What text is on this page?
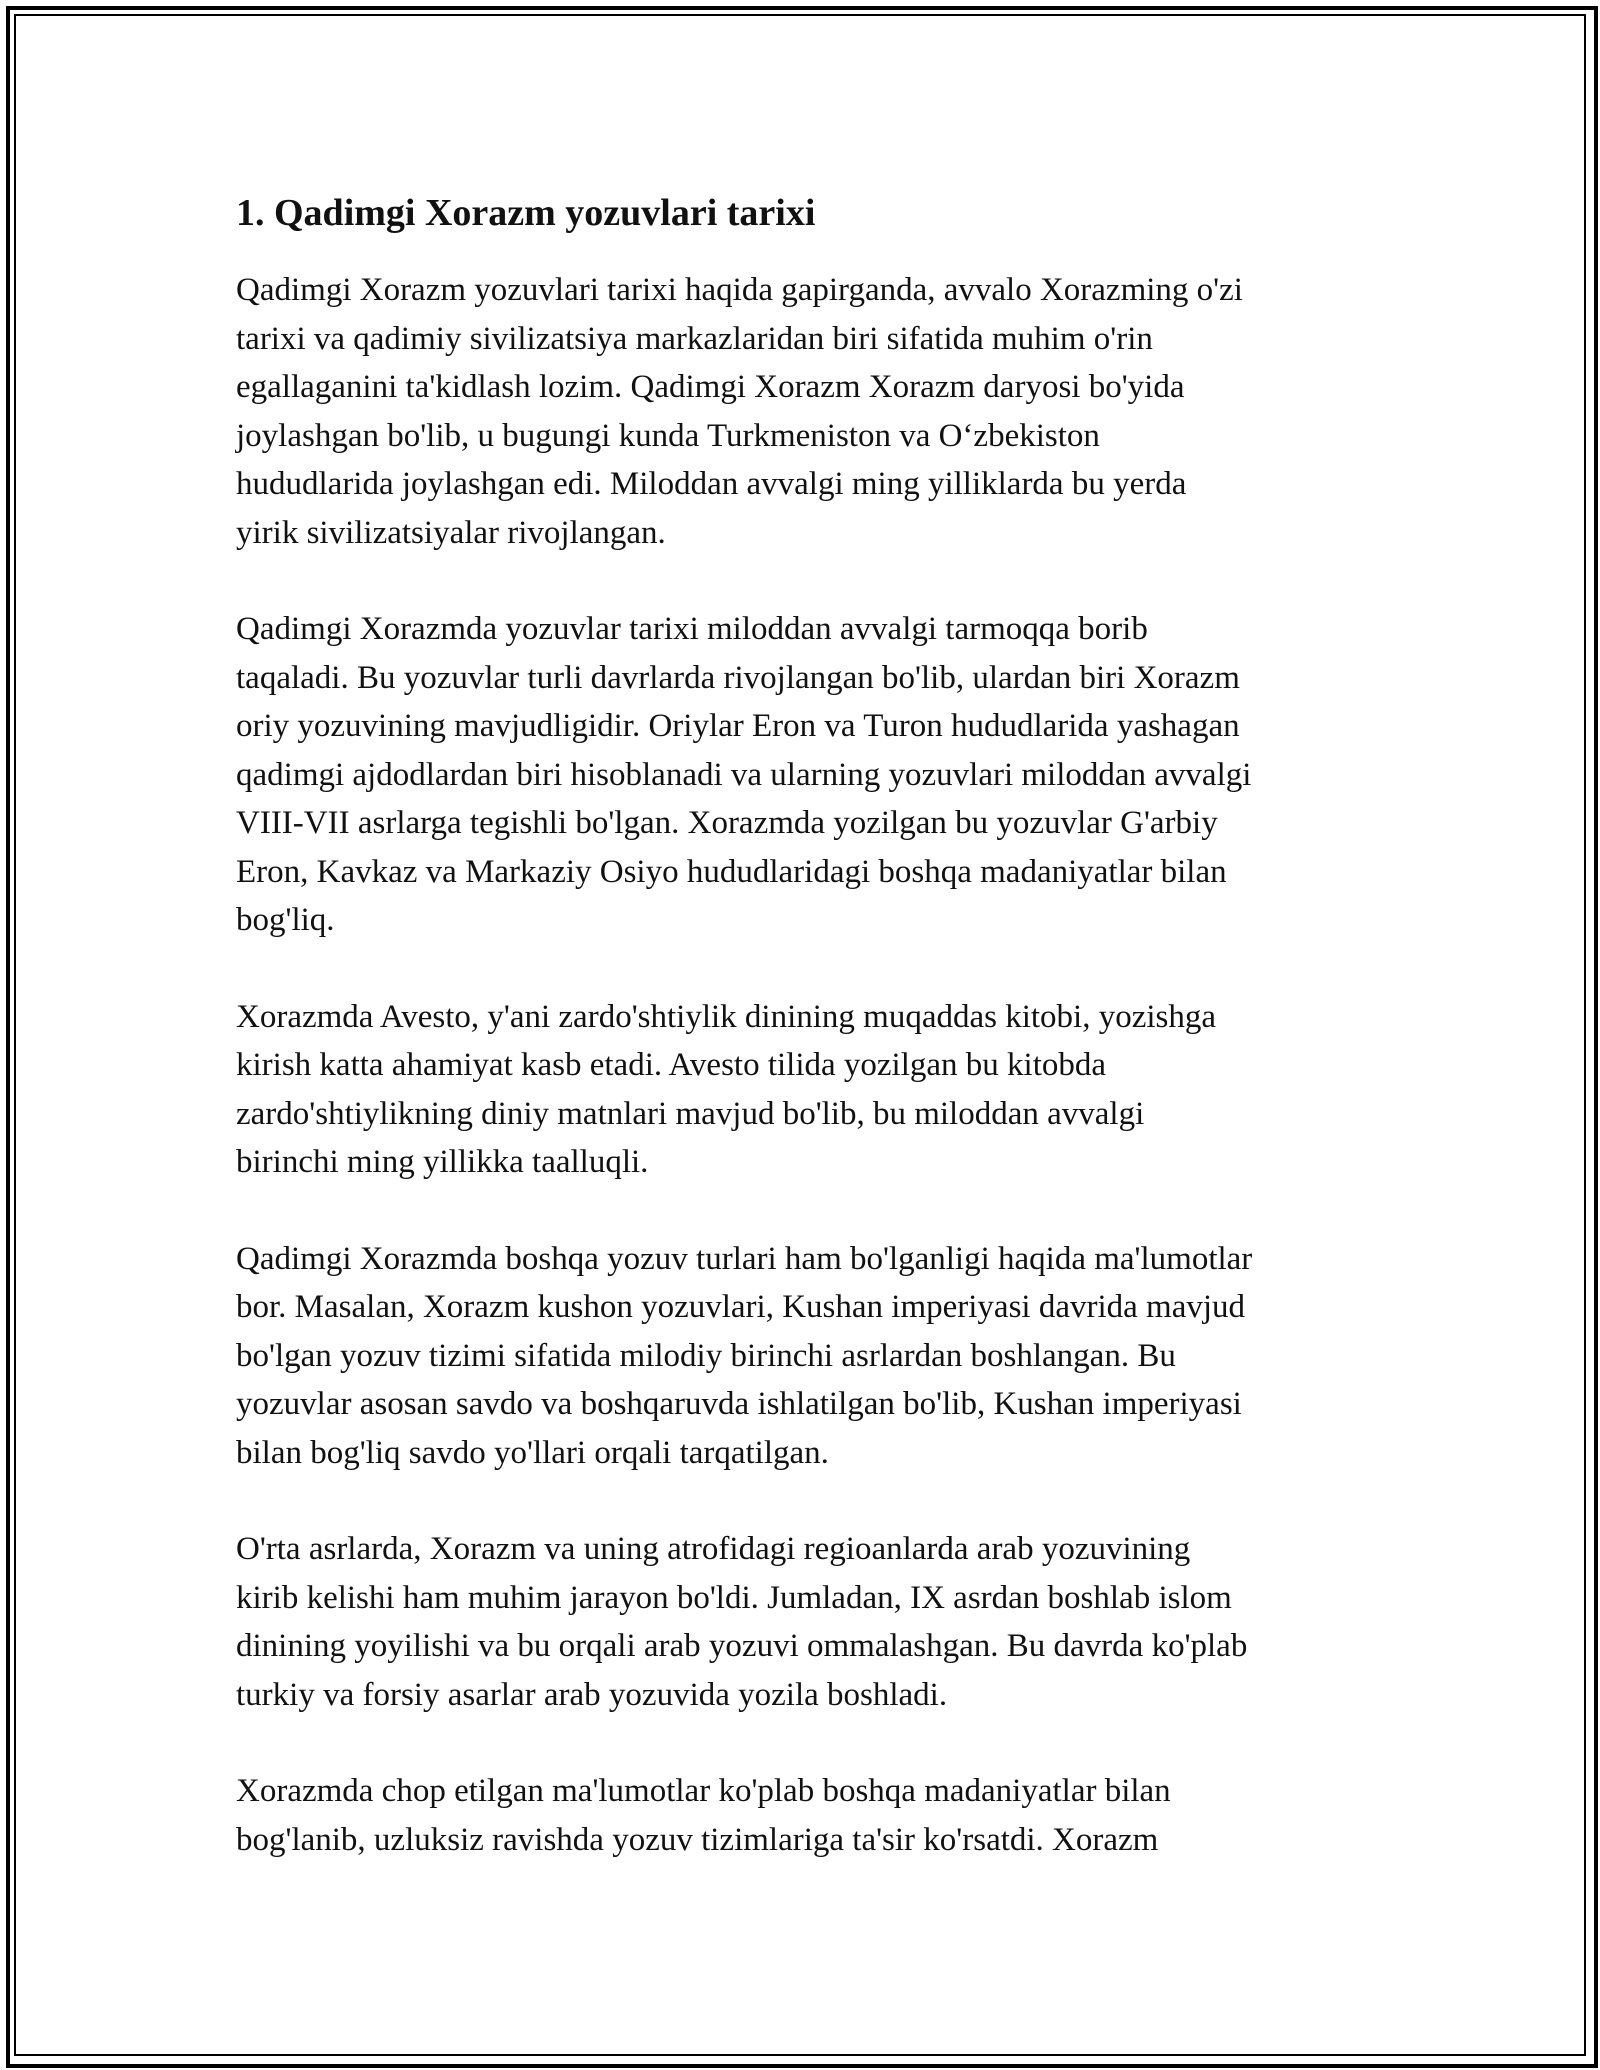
1. Qadimgi Xorazm yozuvlari tarixi

Qadimgi Xorazm yozuvlari tarixi haqida gapirganda, avvalo Xorazming o'zi
tarixi va qadimiy sivilizatsiya markazlaridan biri sifatida muhim o'rin
egallaganini ta'kidlash lozim. Qadimgi Xorazm Xorazm daryosi bo'yida
joylashgan bo'lib, u bugungi kunda Turkmeniston va O‘zbekiston
hududlarida joylashgan edi. Miloddan avvalgi ming yilliklarda bu yerda
yirik sivilizatsiyalar rivojlangan.

Qadimgi Xorazmda yozuvlar tarixi miloddan avvalgi tarmoqqa borib
taqaladi. Bu yozuvlar turli davrlarda rivojlangan bo'lib, ulardan biri Xorazm
oriy yozuvining mavjudligidir. Oriylar Eron va Turon hududlarida yashagan
qadimgi ajdodlardan biri hisoblanadi va ularning yozuvlari miloddan avvalgi
VIII-VII asrlarga tegishli bo'lgan. Xorazmda yozilgan bu yozuvlar G'arbiy
Eron, Kavkaz va Markaziy Osiyo hududlaridagi boshqa madaniyatlar bilan
bog'liq.

Xorazmda Avesto, y'ani zardo'shtiylik dinining muqaddas kitobi, yozishga
kirish katta ahamiyat kasb etadi. Avesto tilida yozilgan bu kitobda
zardo'shtiylikning diniy matnlari mavjud bo'lib, bu miloddan avvalgi
birinchi ming yillikka taalluqli.

Qadimgi Xorazmda boshqa yozuv turlari ham bo'lganligi haqida ma'lumotlar
bor. Masalan, Xorazm kushon yozuvlari, Kushan imperiyasi davrida mavjud
bo'lgan yozuv tizimi sifatida milodiy birinchi asrlardan boshlangan. Bu
yozuvlar asosan savdo va boshqaruvda ishlatilgan bo'lib, Kushan imperiyasi
bilan bog'liq savdo yo'llari orqali tarqatilgan.

O'rta asrlarda, Xorazm va uning atrofidagi regioanlarda arab yozuvining
kirib kelishi ham muhim jarayon bo'ldi. Jumladan, IX asrdan boshlab islom
dinining yoyilishi va bu orqali arab yozuvi ommalashgan. Bu davrda ko'plab
turkiy va forsiy asarlar arab yozuvida yozila boshladi.

Xorazmda chop etilgan ma'lumotlar ko'plab boshqa madaniyatlar bilan
bog'lanib, uzluksiz ravishda yozuv tizimlariga ta'sir ko'rsatdi. Xorazm
